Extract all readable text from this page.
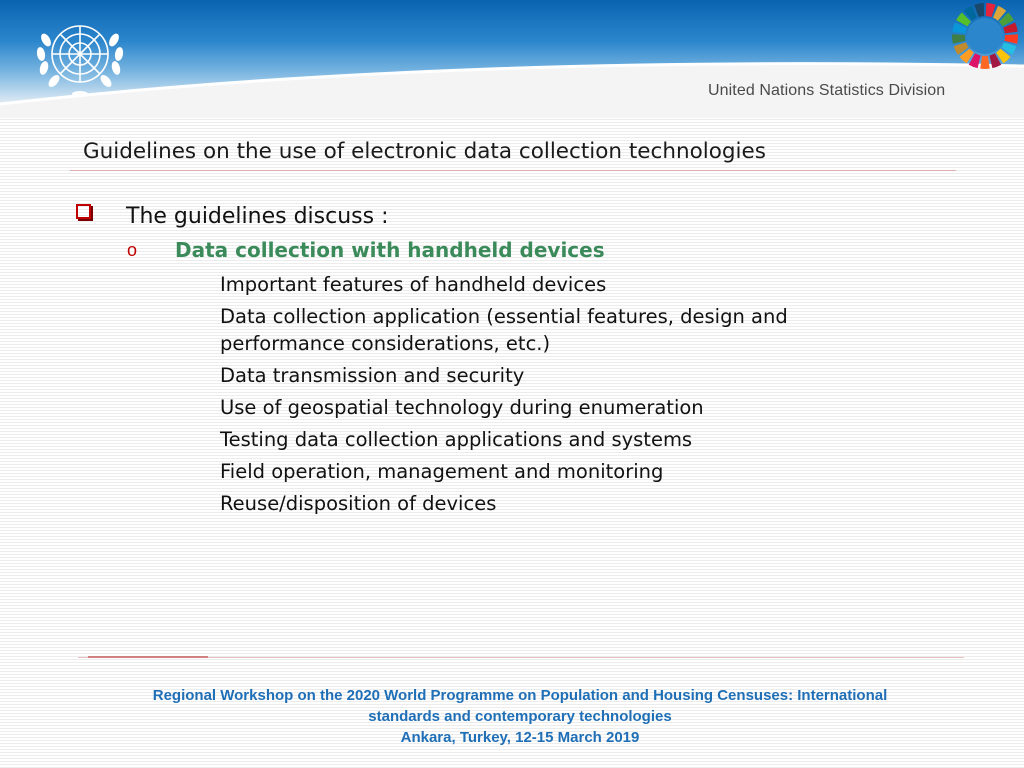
United Nations Statistics Division
Guidelines on the use of electronic data collection technologies
The guidelines discuss :
o Data collection with handheld devices
Important features of handheld devices
Data collection application (essential features, design and performance considerations, etc.)
Data transmission and security
Use of geospatial technology during enumeration
Testing data collection applications and systems
Field operation, management and monitoring
Reuse/disposition of devices
Regional Workshop on the 2020 World Programme on Population and Housing Censuses: International
standards and contemporary technologies
Ankara, Turkey, 12-15 March 2019
